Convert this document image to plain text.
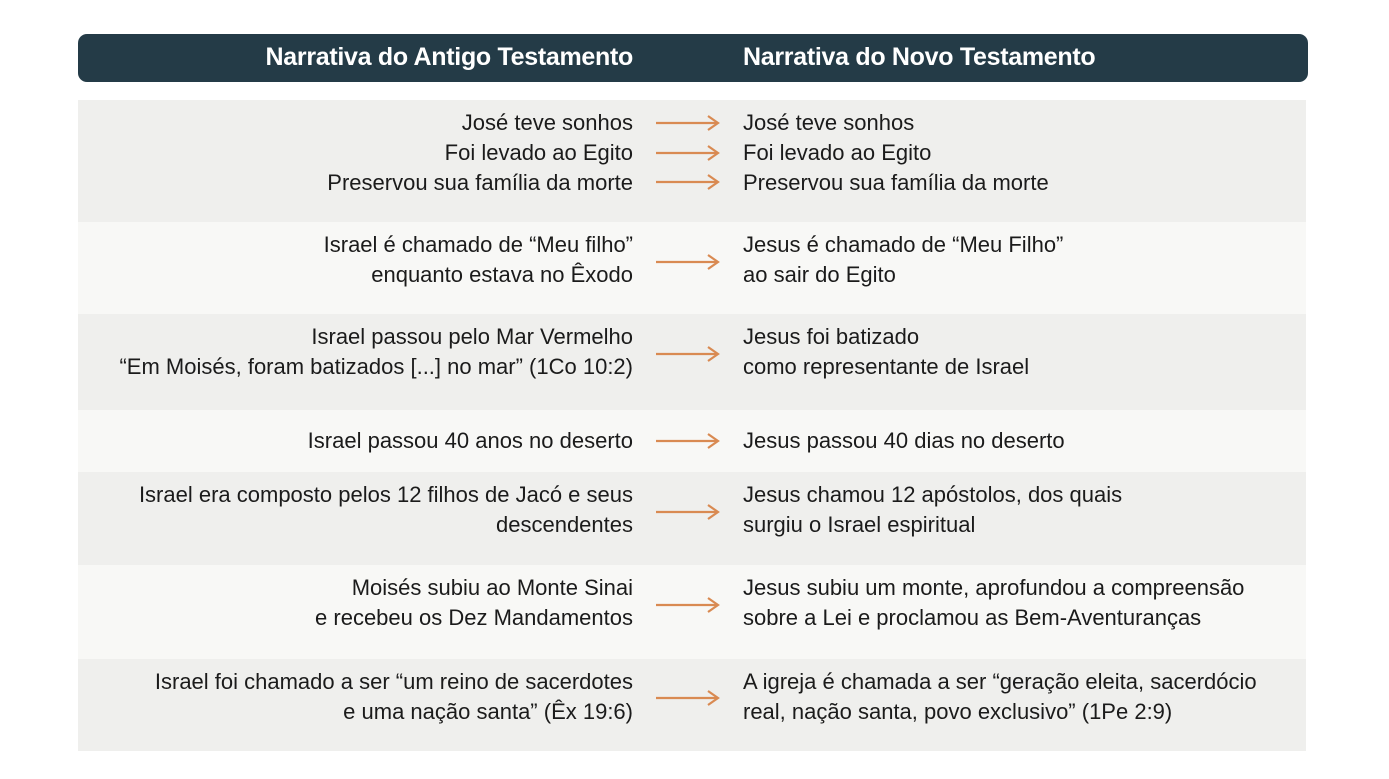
Narrativa do Antigo Testamento	Narrativa do Novo Testamento
José teve sonhos
Foi levado ao Egito
Preservou sua família da morte
José teve sonhos
Foi levado ao Egito
Preservou sua família da morte
Israel é chamado de “Meu filho”
enquanto estava no Êxodo
Jesus é chamado de “Meu Filho”
ao sair do Egito
Israel passou pelo Mar Vermelho
“Em Moisés, foram batizados [...] no mar” (1Co 10:2)
Jesus foi batizado
como representante de Israel
Israel passou 40 anos no deserto	Jesus passou 40 dias no deserto
Israel era composto pelos 12 filhos de Jacó e seus
descendentes
Jesus chamou 12 apóstolos, dos quais
surgiu o Israel espiritual
Moisés subiu ao Monte Sinai
e recebeu os Dez Mandamentos
Jesus subiu um monte, aprofundou a compreensão
sobre a Lei e proclamou as Bem-Aventuranças
Israel foi chamado a ser “um reino de sacerdotes
e uma nação santa” (Êx 19:6)
A igreja é chamada a ser “geração eleita, sacerdócio
real, nação santa, povo exclusivo” (1Pe 2:9)
